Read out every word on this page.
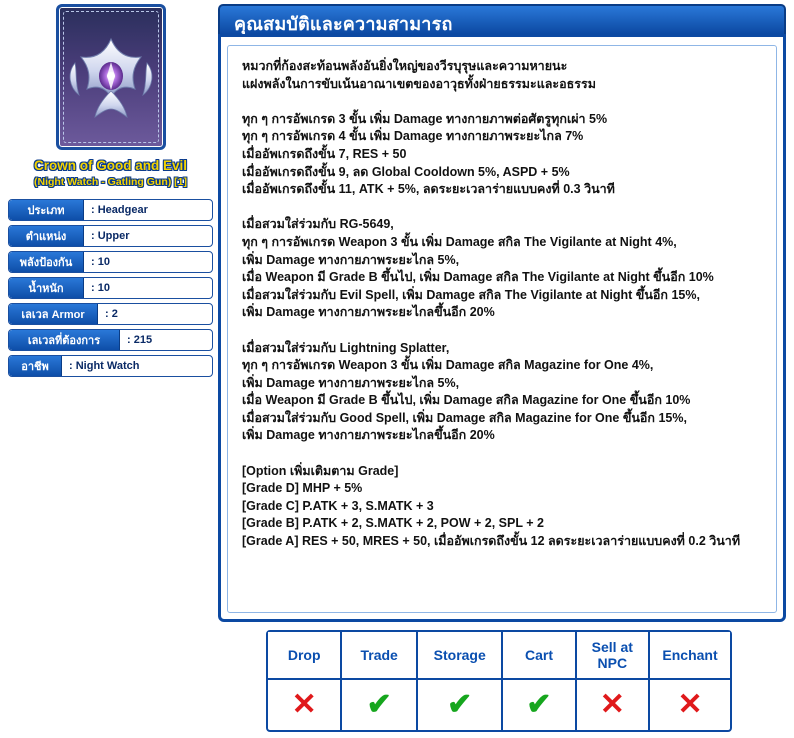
Crown of Good and Evil
(Night Watch - Gatling Gun) [1]
ประเภท	: Headgear
ตำแหน่ง	: Upper
พลังป้องกัน	: 10
น้ำหนัก	: 10
เลเวล Armor	: 2
เลเวลที่ต้องการ	: 215
อาชีพ	: Night Watch
คุณสมบัติและความสามารถ
หมวกที่ก้องสะท้อนพลังอันยิ่งใหญ่ของวีรบุรุษและความหายนะ
แฝงพลังในการขับเน้นอาณาเขตของอาวุธทั้งฝ่ายธรรมะและอธรรม

ทุก ๆ การอัพเกรด 3 ขั้น เพิ่ม Damage ทางกายภาพต่อศัตรูทุกเผ่า 5%
ทุก ๆ การอัพเกรด 4 ขั้น เพิ่ม Damage ทางกายภาพระยะไกล 7%
เมื่ออัพเกรดถึงขั้น 7, RES + 50
เมื่ออัพเกรดถึงขั้น 9, ลด Global Cooldown 5%, ASPD + 5%
เมื่ออัพเกรดถึงขั้น 11, ATK + 5%, ลดระยะเวลาร่ายแบบคงที่ 0.3 วินาที

เมื่อสวมใส่ร่วมกับ RG-5649,
ทุก ๆ การอัพเกรด Weapon 3 ขั้น เพิ่ม Damage สกิล The Vigilante at Night 4%,
เพิ่ม Damage ทางกายภาพระยะไกล 5%,
เมื่อ Weapon มี Grade B ขึ้นไป, เพิ่ม Damage สกิล The Vigilante at Night ขึ้นอีก 10%
เมื่อสวมใส่ร่วมกับ Evil Spell, เพิ่ม Damage สกิล The Vigilante at Night ขึ้นอีก 15%,
เพิ่ม Damage ทางกายภาพระยะไกลขึ้นอีก 20%

เมื่อสวมใส่ร่วมกับ Lightning Splatter,
ทุก ๆ การอัพเกรด Weapon 3 ขั้น เพิ่ม Damage สกิล Magazine for One 4%,
เพิ่ม Damage ทางกายภาพระยะไกล 5%,
เมื่อ Weapon มี Grade B ขึ้นไป, เพิ่ม Damage สกิล Magazine for One ขึ้นอีก 10%
เมื่อสวมใส่ร่วมกับ Good Spell, เพิ่ม Damage สกิล Magazine for One ขึ้นอีก 15%,
เพิ่ม Damage ทางกายภาพระยะไกลขึ้นอีก 20%

[Option เพิ่มเติมตาม Grade]
[Grade D] MHP + 5%
[Grade C] P.ATK + 3, S.MATK + 3
[Grade B] P.ATK + 2, S.MATK + 2, POW + 2, SPL + 2
[Grade A] RES + 50, MRES + 50, เมื่ออัพเกรดถึงขั้น 12 ลดระยะเวลาร่ายแบบคงที่ 0.2 วินาที
Drop	Trade	Storage	Cart	Sell at NPC	Enchant
✕	✔	✔	✔	✕	✕
